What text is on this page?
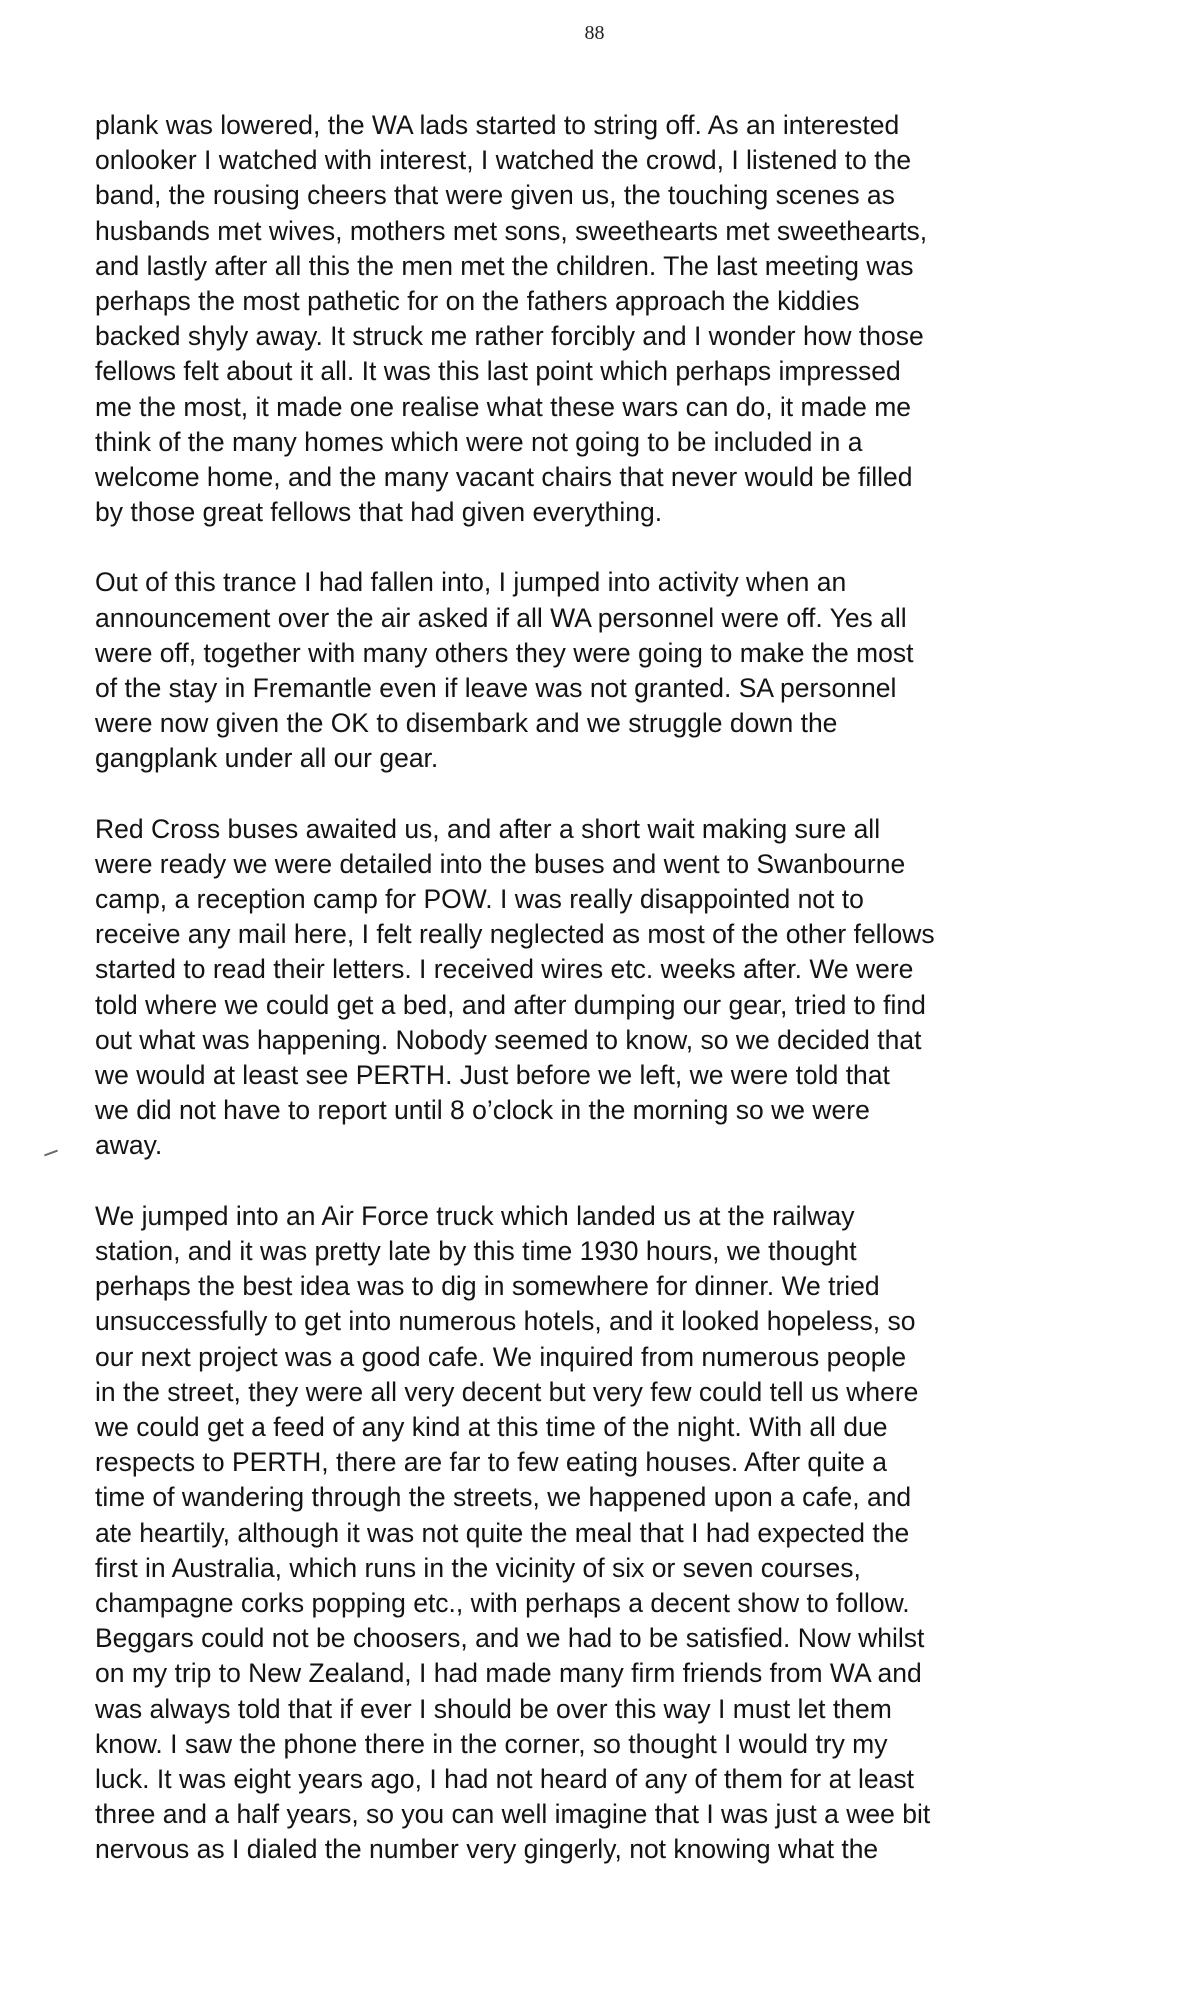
88

plank was lowered, the WA lads started to string off. As an interested
onlooker I watched with interest, I watched the crowd, I listened to the
band, the rousing cheers that were given us, the touching scenes as
husbands met wives, mothers met sons, sweethearts met sweethearts,
and lastly after all this the men met the children. The last meeting was
perhaps the most pathetic for on the fathers approach the kiddies
backed shyly away. It struck me rather forcibly and I wonder how those
fellows felt about it all. It was this last point which perhaps impressed
me the most, it made one realise what these wars can do, it made me
think of the many homes which were not going to be included in a
welcome home, and the many vacant chairs that never would be filled
by those great fellows that had given everything.

Out of this trance I had fallen into, I jumped into activity when an
announcement over the air asked if all WA personnel were off. Yes all
were off, together with many others they were going to make the most
of the stay in Fremantle even if leave was not granted. SA personnel
were now given the OK to disembark and we struggle down the
gangplank under all our gear.

Red Cross buses awaited us, and after a short wait making sure all
were ready we were detailed into the buses and went to Swanbourne
camp, a reception camp for POW. I was really disappointed not to
receive any mail here, I felt really neglected as most of the other fellows
started to read their letters. I received wires etc. weeks after. We were
told where we could get a bed, and after dumping our gear, tried to find
out what was happening. Nobody seemed to know, so we decided that
we would at least see PERTH. Just before we left, we were told that
we did not have to report until 8 o’clock in the morning so we were
away.

We jumped into an Air Force truck which landed us at the railway
station, and it was pretty late by this time 1930 hours, we thought
perhaps the best idea was to dig in somewhere for dinner. We tried
unsuccessfully to get into numerous hotels, and it looked hopeless, so
our next project was a good cafe. We inquired from numerous people
in the street, they were all very decent but very few could tell us where
we could get a feed of any kind at this time of the night. With all due
respects to PERTH, there are far to few eating houses. After quite a
time of wandering through the streets, we happened upon a cafe, and
ate heartily, although it was not quite the meal that I had expected the
first in Australia, which runs in the vicinity of six or seven courses,
champagne corks popping etc., with perhaps a decent show to follow.
Beggars could not be choosers, and we had to be satisfied. Now whilst
on my trip to New Zealand, I had made many firm friends from WA and
was always told that if ever I should be over this way I must let them
know. I saw the phone there in the corner, so thought I would try my
luck. It was eight years ago, I had not heard of any of them for at least
three and a half years, so you can well imagine that I was just a wee bit
nervous as I dialed the number very gingerly, not knowing what the
